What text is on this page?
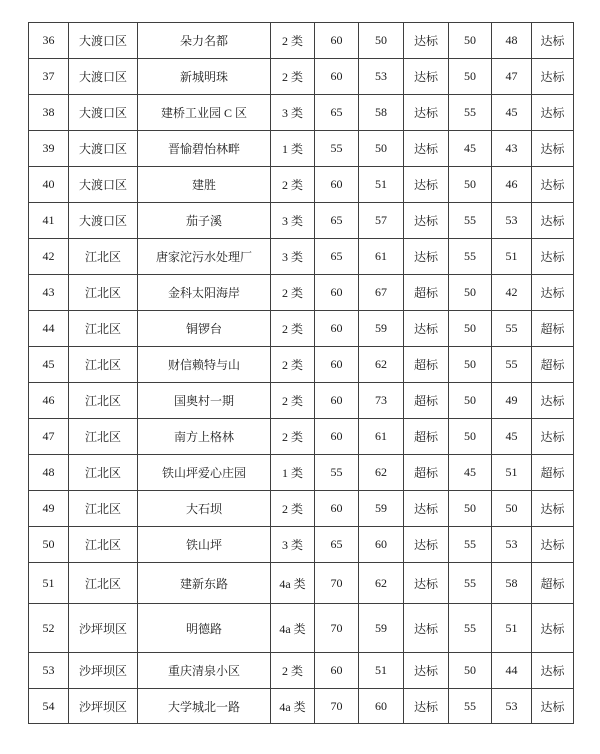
36	大渡口区	朵力名都	2 类	60	50	达标	50	48	达标
37	大渡口区	新城明珠	2 类	60	53	达标	50	47	达标
38	大渡口区	建桥工业园 C 区	3 类	65	58	达标	55	45	达标
39	大渡口区	晋愉碧怡林畔	1 类	55	50	达标	45	43	达标
40	大渡口区	建胜	2 类	60	51	达标	50	46	达标
41	大渡口区	茄子溪	3 类	65	57	达标	55	53	达标
42	江北区	唐家沱污水处理厂	3 类	65	61	达标	55	51	达标
43	江北区	金科太阳海岸	2 类	60	67	超标	50	42	达标
44	江北区	铜锣台	2 类	60	59	达标	50	55	超标
45	江北区	财信赖特与山	2 类	60	62	超标	50	55	超标
46	江北区	国奥村一期	2 类	60	73	超标	50	49	达标
47	江北区	南方上格林	2 类	60	61	超标	50	45	达标
48	江北区	铁山坪爱心庄园	1 类	55	62	超标	45	51	超标
49	江北区	大石坝	2 类	60	59	达标	50	50	达标
50	江北区	铁山坪	3 类	65	60	达标	55	53	达标
51	江北区	建新东路	4a 类	70	62	达标	55	58	超标
52	沙坪坝区	明德路	4a 类	70	59	达标	55	51	达标
53	沙坪坝区	重庆清泉小区	2 类	60	51	达标	50	44	达标
54	沙坪坝区	大学城北一路	4a 类	70	60	达标	55	53	达标
